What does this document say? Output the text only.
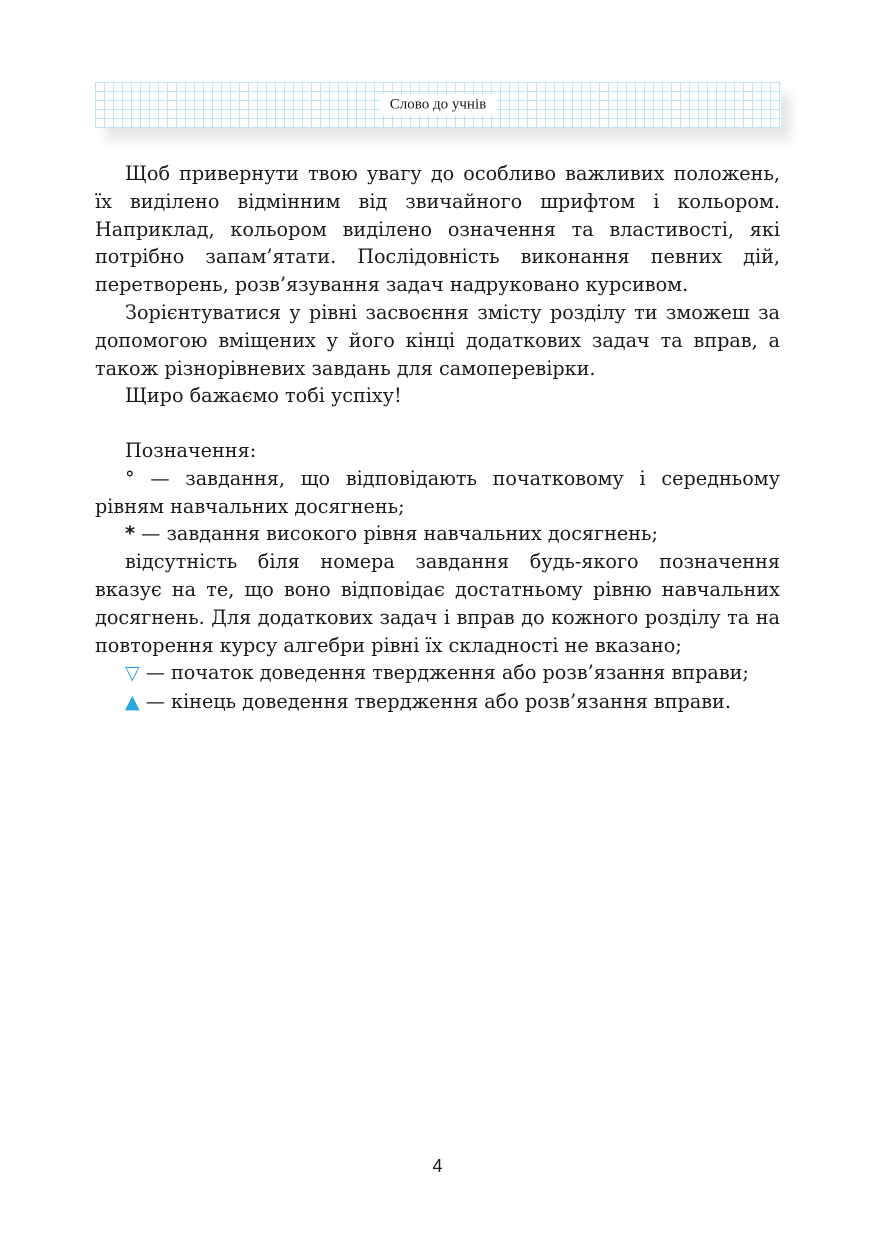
Слово до учнів

Щоб привернути твою увагу до особливо важливих положень, їх виділено відмінним від звичайного шрифтом і кольором. Наприклад, кольором виділено означення та властивості, які потрібно запам’ятати. Послідовність виконання певних дій, перетворень, розв’язування задач надруковано курсивом.

Зорієнтуватися у рівні засвоєння змісту розділу ти зможеш за допомогою вміщених у його кінці додаткових задач та вправ, а також різнорівневих завдань для самоперевірки.

Щиро бажаємо тобі успіху!

Позначення:

° — завдання, що відповідають початковому і середньому рівням навчальних досягнень;

* — завдання високого рівня навчальних досягнень;

відсутність біля номера завдання будь-якого позначення вказує на те, що воно відповідає достатньому рівню навчальних досягнень. Для додаткових задач і вправ до кожного розділу та на повторення курсу алгебри рівні їх складності не вказано;

▽ — початок доведення твердження або розв’язання вправи;

▲ — кінець доведення твердження або розв’язання вправи.

4
